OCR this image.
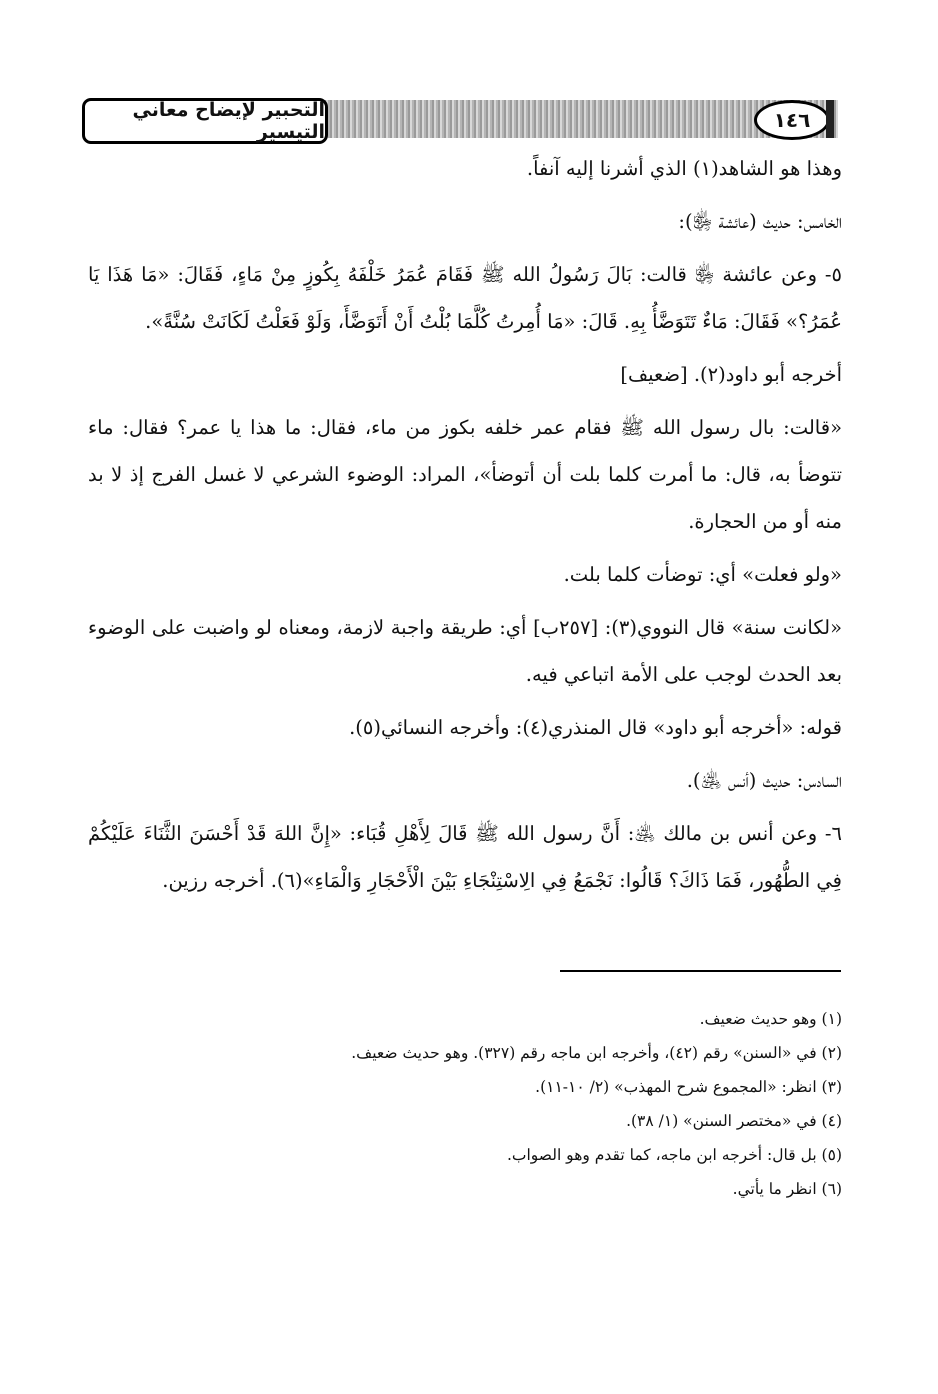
التحبير لإيضاح معاني التيسير	١٤٦

وهذا هو الشاهد(١) الذي أشرنا إليه آنفاً.

الخامس: حديث (عائشة ﵂):

٥- وعن عائشة ﵂ قالت: بَالَ رَسُولُ الله ﷺ فَقَامَ عُمَرُ خَلْفَهُ بِكُوزٍ مِنْ مَاءٍ، فَقَالَ: «مَا هَذَا يَا عُمَرُ؟» فَقَالَ: مَاءٌ تَتَوَضَّأُ بِهِ. قَالَ: «مَا أُمِرتُ كُلَّمَا بُلْتُ أَنْ أَتَوَضَّأَ، وَلَوْ فَعَلْتُ لَكَانَتْ سُنَّةً».

أخرجه أبو داود(٢). [ضعيف]

«قالت: بال رسول الله ﷺ فقام عمر خلفه بكوز من ماء، فقال: ما هذا يا عمر؟ فقال: ماء تتوضأ به، قال: ما أمرت كلما بلت أن أتوضأ»، المراد: الوضوء الشرعي لا غسل الفرج إذ لا بد منه أو من الحجارة.

«ولو فعلت» أي: توضأت كلما بلت.

«لكانت سنة» قال النووي(٣): [٢٥٧ب] أي: طريقة واجبة لازمة، ومعناه لو واضبت على الوضوء بعد الحدث لوجب على الأمة اتباعي فيه.

قوله: «أخرجه أبو داود» قال المنذري(٤): وأخرجه النسائي(٥).

السادس: حديث (أنس ﵁).

٦- وعن أنس بن مالك ﵁: أَنَّ رسول الله ﷺ قَالَ لِأَهْلِ قُبَاء: «إِنَّ اللهَ قَدْ أَحْسَنَ الثَّنَاءَ عَلَيْكُمْ فِي الطُّهُور، فَمَا ذَاكَ؟ قَالُوا: نَجْمَعُ فِي الِاسْتِنْجَاءِ بَيْنَ الْأَحْجَارِ وَالْمَاءِ»(٦). أخرجه رزين.

(١) وهو حديث ضعيف.

(٢) في «السنن» رقم (٤٢)، وأخرجه ابن ماجه رقم (٣٢٧). وهو حديث ضعيف.

(٣) انظر: «المجموع شرح المهذب» (٢/ ١٠-١١).

(٤) في «مختصر السنن» (١/ ٣٨).

(٥) بل قال: أخرجه ابن ماجه، كما تقدم وهو الصواب.

(٦) انظر ما يأتي.
